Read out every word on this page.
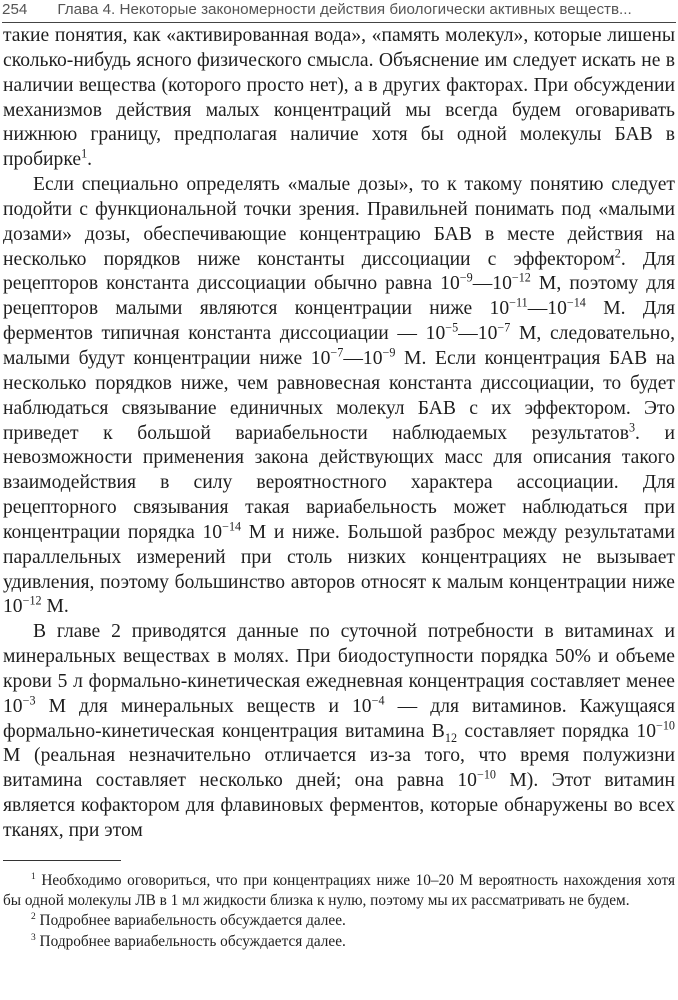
254 Глава 4. Некоторые закономерности действия биологически активных веществ...

такие понятия, как «активированная вода», «память молекул», которые лишены сколько-нибудь ясного физического смысла. Объяснение им следует искать не в наличии вещества (которого просто нет), а в других факторах. При обсуждении механизмов действия малых концентраций мы всегда будем оговаривать нижнюю границу, предполагая наличие хотя бы одной молекулы БАВ в пробирке$^1$.

Если специально определять «малые дозы», то к такому понятию следует подойти с функциональной точки зрения. Правильней понимать под «малыми дозами» дозы, обеспечивающие концентрацию БАВ в месте действия на несколько порядков ниже константы диссоциации с эффектором$^2$. Для рецепторов константа диссоциации обычно равна $10^{-9}—10^{-12}$ М, поэтому для рецепторов малыми являются концентрации ниже $10^{-11}—10^{-14}$ М. Для ферментов типичная константа диссоциации — $10^{-5}—10^{-7}$ М, следовательно, малыми будут концентрации ниже $10^{-7}—10^{-9}$ М. Если концентрация БАВ на несколько порядков ниже, чем равновесная константа диссоциации, то будет наблюдаться связывание единичных молекул БАВ с их эффектором. Это приведет к большой вариабельности наблюдаемых результатов$^3$. и невозможности применения закона действующих масс для описания такого взаимодействия в силу вероятностного характера ассоциации. Для рецепторного связывания такая вариабельность может наблюдаться при концентрации порядка $10^{-14}$ М и ниже. Большой разброс между результатами параллельных измерений при столь низких концентрациях не вызывает удивления, поэтому большинство авторов относят к малым концентрации ниже $10^{-12}$ М.

В главе 2 приводятся данные по суточной потребности в витаминах и минеральных веществах в молях. При биодоступности порядка 50% и объеме крови 5 л формально-кинетическая ежедневная концентрация составляет менее $10^{-3}$ М для минеральных веществ и $10^{-4}$ — для витаминов. Кажущаяся формально-кинетическая концентрация витамина $B_{12}$ составляет порядка $10^{-10}$ М (реальная незначительно отличается из-за того, что время полужизни витамина составляет несколько дней; она равна $10^{-10}$ М). Этот витамин является кофактором для флавиновых ферментов, которые обнаружены во всех тканях, при этом

$^1$ Необходимо оговориться, что при концентрациях ниже 10–20 М вероятность нахождения хотя бы одной молекулы ЛВ в 1 мл жидкости близка к нулю, поэтому мы их рассматривать не будем.

$^2$ Подробнее вариабельность обсуждается далее.

$^3$ Подробнее вариабельность обсуждается далее.
